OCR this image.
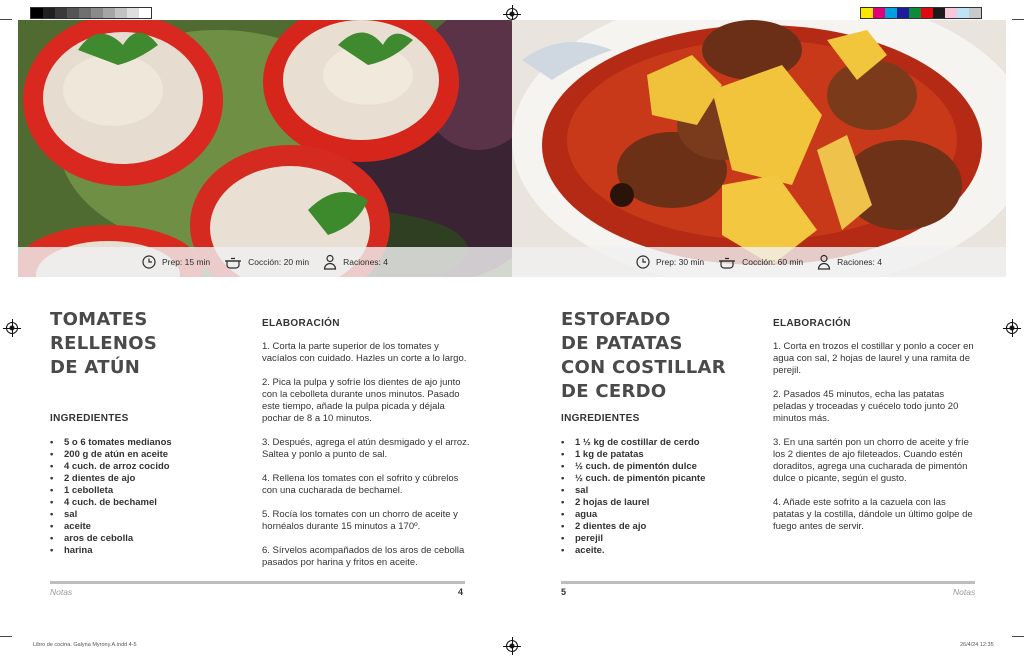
Prep: 15 min	Cocción: 20 min	Raciones: 4	Prep: 30 min	Cocción: 60 min	Raciones: 4
TOMATES
RELLENOS
DE ATÚN
INGREDIENTES
• 5 o 6 tomates medianos
• 200 g de atún en aceite
• 4 cuch. de arroz cocido
• 2 dientes de ajo
• 1 cebolleta
• 4 cuch. de bechamel
• sal
• aceite
• aros de cebolla
• harina
ELABORACIÓN

1. Corta la parte superior de los tomates y vacíalos con cuidado. Hazles un corte a lo largo.

2. Pica la pulpa y sofríe los dientes de ajo junto con la cebolleta durante unos minutos. Pasado este tiempo, añade la pulpa picada y déjala pochar de 8 a 10 minutos.

3. Después, agrega el atún desmigado y el arroz. Saltea y ponlo a punto de sal.

4. Rellena los tomates con el sofrito y cúbrelos con una cucharada de bechamel.

5. Rocía los tomates con un chorro de aceite y hornéalos durante 15 minutos a 170º.

6. Sírvelos acompañados de los aros de cebolla pasados por harina y fritos en aceite.

Notas	4
ESTOFADO
DE PATATAS
CON COSTILLAR
DE CERDO
INGREDIENTES
• 1 ½ kg de costillar de cerdo
• 1 kg de patatas
• ½ cuch. de pimentón dulce
• ½ cuch. de pimentón picante
• sal
• 2 hojas de laurel
• agua
• 2 dientes de ajo
• perejil
• aceite.
ELABORACIÓN

1. Corta en trozos el costillar y ponlo a cocer en agua con sal, 2 hojas de laurel y una ramita de perejil.

2. Pasados 45 minutos, echa las patatas peladas y troceadas y cuécelo todo junto 20 minutos más.

3. En una sartén pon un chorro de aceite y fríe los 2 dientes de ajo fileteados. Cuando estén doraditos, agrega una cucharada de pimentón dulce o picante, según el gusto.

4. Añade este sofrito a la cazuela con las patatas y la costilla, dándole un último golpe de fuego antes de servir.

5	Notas
Libro de cocina. Galyna Myrony.A.indd 4-5	26/4/24 12:35
